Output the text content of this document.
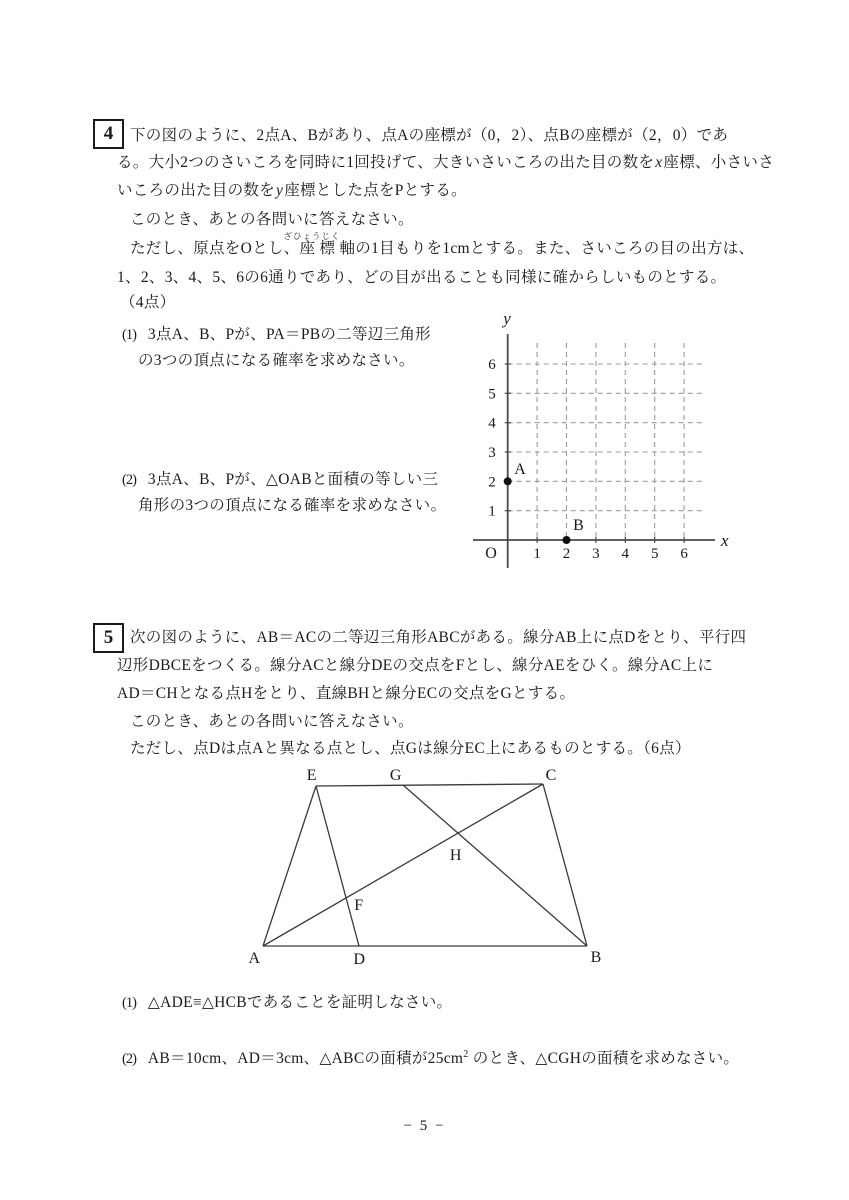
4	下の図のように、2点A、Bがあり、点Aの座標が（0，2）、点Bの座標が（2，0）であ
る。大小2つのさいころを同時に1回投げて、大きいさいころの出た目の数をx座標、小さいさ
いころの出た目の数をy座標とした点をPとする。
このとき、あとの各問いに答えなさい。
ざひょうじく
ただし、原点をOとし、座 標 軸の1目もりを1cmとする。また、さいころの目の出方は、
1、2、3、4、5、6の6通りであり、どの目が出ることも同様に確からしいものとする。
（4点）
(1) 3点A、B、Pが、PA＝PBの二等辺三角形
の3つの頂点になる確率を求めなさい。
(2) 3点A、B、Pが、△OABと面積の等しい三
角形の3つの頂点になる確率を求めなさい。
y
x
O 1 2 3 4 5 6
1
2
3
4
5
6
A
B
5	次の図のように、AB＝ACの二等辺三角形ABCがある。線分AB上に点Dをとり、平行四
辺形DBCEをつくる。線分ACと線分DEの交点をFとし、線分AEをひく。線分AC上に
AD＝CHとなる点Hをとり、直線BHと線分ECの交点をGとする。
このとき、あとの各問いに答えなさい。
ただし、点Dは点Aと異なる点とし、点Gは線分EC上にあるものとする。（6点）
E	G	C
A	D	B
F
H
(1) △ADE≡△HCBであることを証明しなさい。
(2) AB＝10cm、AD＝3cm、△ABCの面積が$25cm^2$ のとき、△CGHの面積を求めなさい。
− 5 −
